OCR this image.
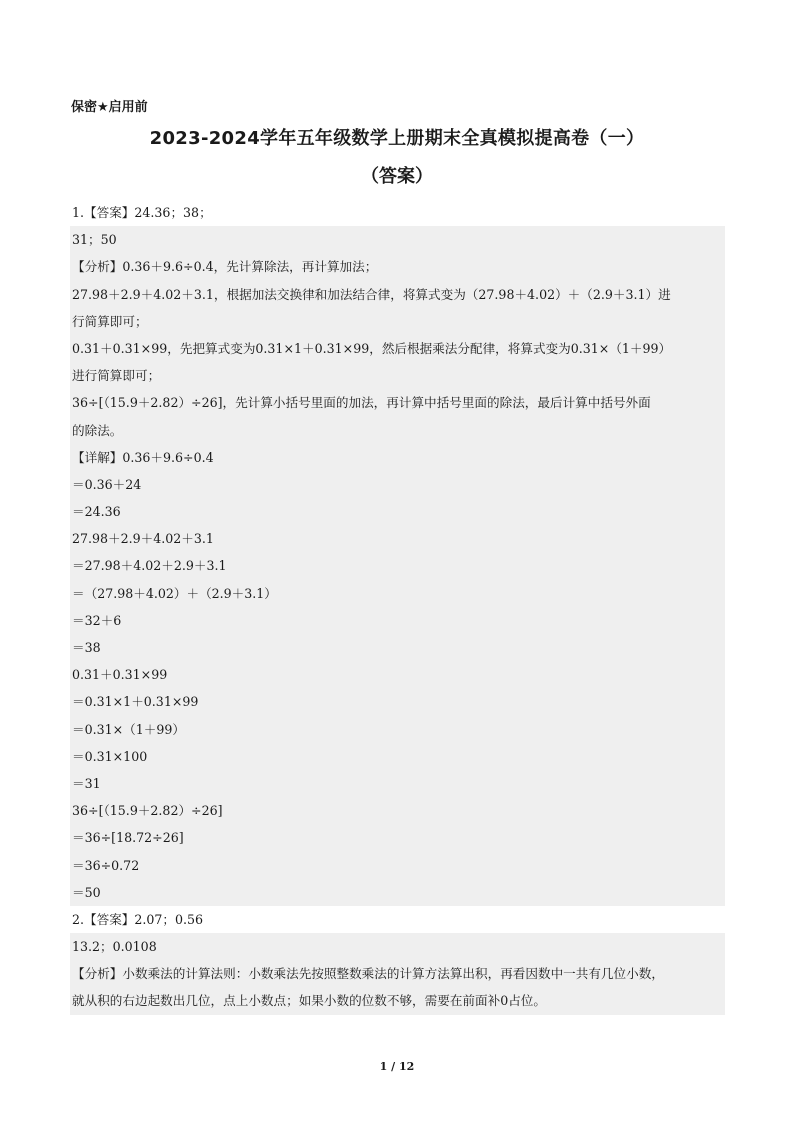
保密★启用前
2023-2024学年五年级数学上册期末全真模拟提高卷（一）
（答案）
1.【答案】24.36；38；
31；50
【分析】0.36＋9.6÷0.4，先计算除法，再计算加法；
27.98＋2.9＋4.02＋3.1，根据加法交换律和加法结合律，将算式变为（27.98＋4.02）＋（2.9＋3.1）进
行简算即可；
0.31＋0.31×99，先把算式变为0.31×1＋0.31×99，然后根据乘法分配律，将算式变为0.31×（1＋99）
进行简算即可；
36÷[（15.9＋2.82）÷26]，先计算小括号里面的加法，再计算中括号里面的除法，最后计算中括号外面
的除法。
【详解】0.36＋9.6÷0.4
＝0.36＋24
＝24.36
27.98＋2.9＋4.02＋3.1
＝27.98＋4.02＋2.9＋3.1
＝（27.98＋4.02）＋（2.9＋3.1）
＝32＋6
＝38
0.31＋0.31×99
＝0.31×1＋0.31×99
＝0.31×（1＋99）
＝0.31×100
＝31
36÷[（15.9＋2.82）÷26]
＝36÷[18.72÷26]
＝36÷0.72
＝50
2.【答案】2.07；0.56
13.2；0.0108
【分析】小数乘法的计算法则：小数乘法先按照整数乘法的计算方法算出积，再看因数中一共有几位小数，
就从积的右边起数出几位，点上小数点；如果小数的位数不够，需要在前面补0占位。
1 / 12
